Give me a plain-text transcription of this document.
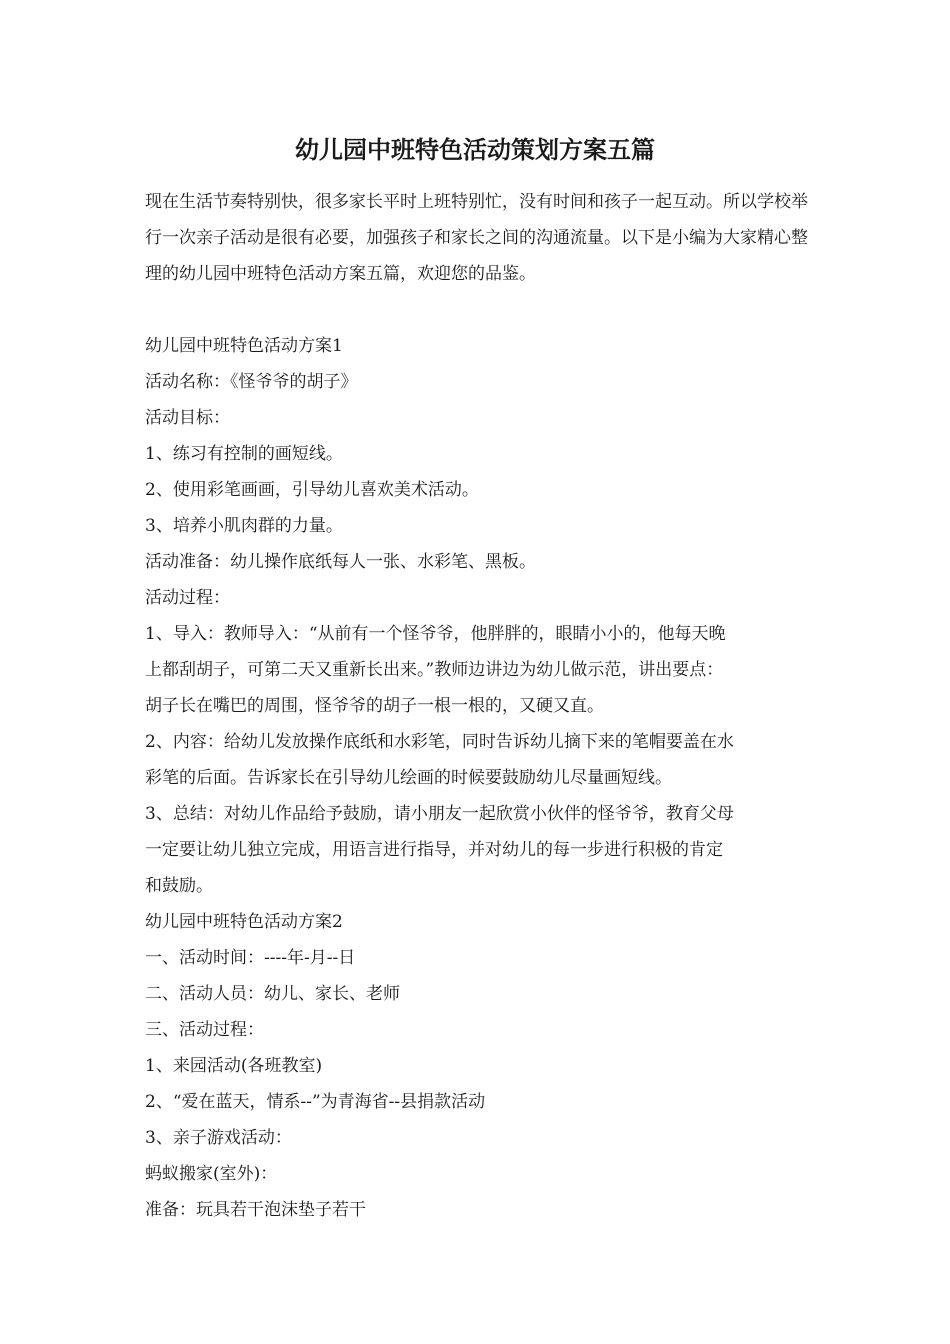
幼儿园中班特色活动策划方案五篇

现在生活节奏特别快，很多家长平时上班特别忙，没有时间和孩子一起互动。所以学校举行一次亲子活动是很有必要，加强孩子和家长之间的沟通流量。以下是小编为大家精心整理的幼儿园中班特色活动方案五篇，欢迎您的品鉴。

幼儿园中班特色活动方案1
活动名称：《怪爷爷的胡子》
活动目标：
1、练习有控制的画短线。
2、使用彩笔画画，引导幼儿喜欢美术活动。
3、培养小肌肉群的力量。
活动准备：幼儿操作底纸每人一张、水彩笔、黑板。
活动过程：
1、导入：教师导入：“从前有一个怪爷爷，他胖胖的，眼睛小小的，他每天晚
上都刮胡子，可第二天又重新长出来。”教师边讲边为幼儿做示范，讲出要点：
胡子长在嘴巴的周围，怪爷爷的胡子一根一根的，又硬又直。
2、内容：给幼儿发放操作底纸和水彩笔，同时告诉幼儿摘下来的笔帽要盖在水
彩笔的后面。告诉家长在引导幼儿绘画的时候要鼓励幼儿尽量画短线。
3、总结：对幼儿作品给予鼓励，请小朋友一起欣赏小伙伴的怪爷爷，教育父母
一定要让幼儿独立完成，用语言进行指导，并对幼儿的每一步进行积极的肯定
和鼓励。
幼儿园中班特色活动方案2
一、活动时间：----年-月--日
二、活动人员：幼儿、家长、老师
三、活动过程：
1、来园活动(各班教室)
2、“爱在蓝天，情系--”为青海省--县捐款活动
3、亲子游戏活动：
蚂蚁搬家(室外)：
准备：玩具若干泡沫垫子若干
